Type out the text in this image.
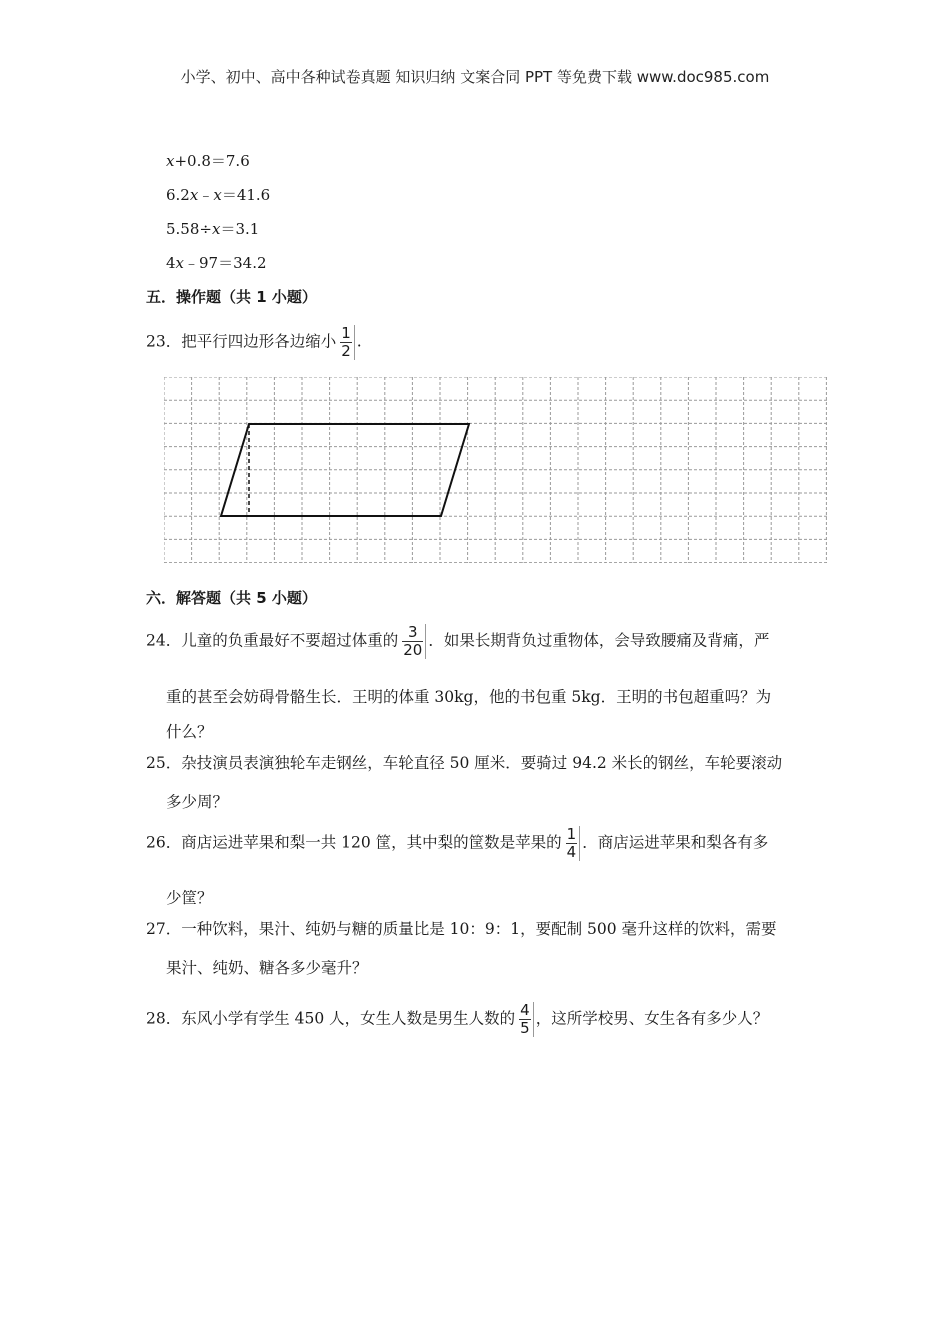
小学、初中、高中各种试卷真题 知识归纳 文案合同 PPT 等免费下载 www.doc985.com
x+0.8＝7.6
6.2x﹣x＝41.6
5.58÷x＝3.1
4x﹣97＝34.2
五．操作题（共 1 小题）
23．把平行四边形各边缩小 $\frac{1}{2}$ .
六．解答题（共 5 小题）
24．儿童的负重最好不要超过体重的 $\frac{3}{20}$ ．如果长期背负过重物体，会导致腰痛及背痛，严
重的甚至会妨碍骨骼生长．王明的体重 30kg，他的书包重 5kg．王明的书包超重吗？为
什么？
25．杂技演员表演独轮车走钢丝，车轮直径 50 厘米．要骑过 94.2 米长的钢丝，车轮要滚动
多少周？
26．商店运进苹果和梨一共 120 筐，其中梨的筐数是苹果的 $\frac{1}{4}$ ．商店运进苹果和梨各有多
少筐？
27．一种饮料，果汁、纯奶与糖的质量比是 10：9：1，要配制 500 毫升这样的饮料，需要
果汁、纯奶、糖各多少毫升？
28．东风小学有学生 450 人，女生人数是男生人数的 $\frac{4}{5}$ ，这所学校男、女生各有多少人？
